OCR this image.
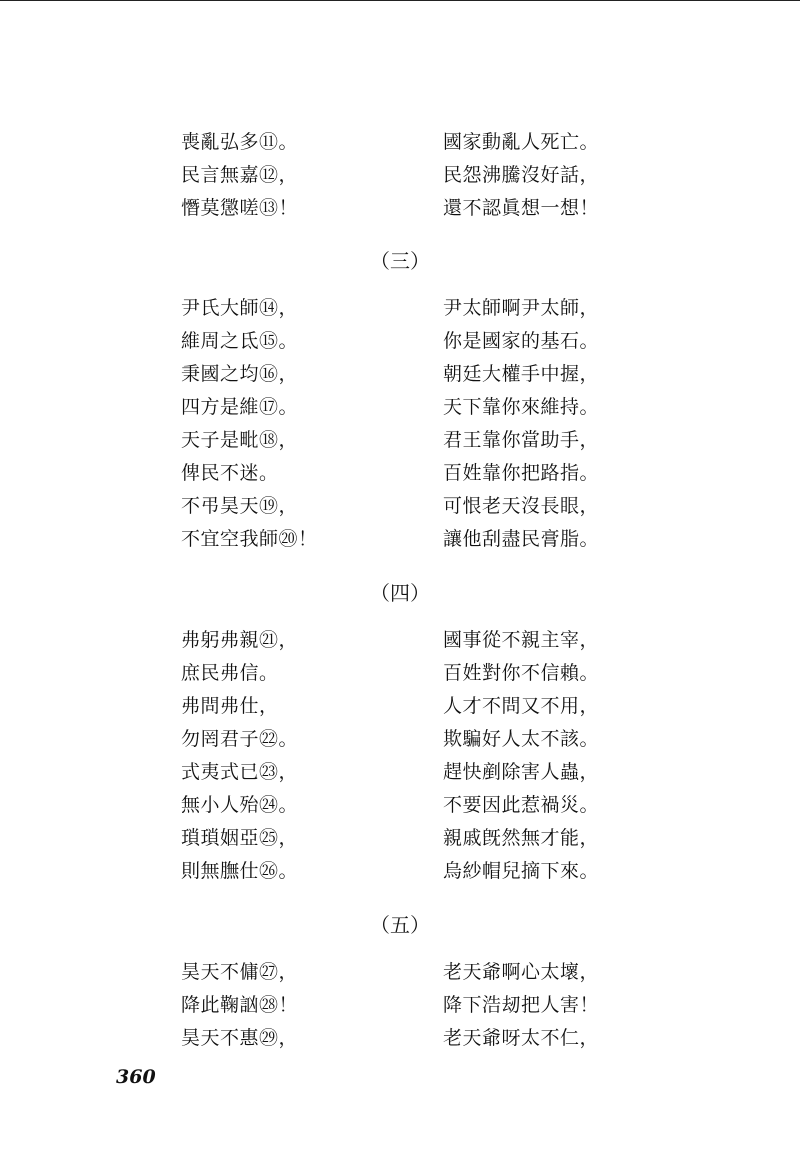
喪亂弘多⑪。	國家動亂人死亡。
民言無嘉⑫，	民怨沸騰沒好話，
憯莫懲嗟⑬！	還不認眞想一想！
（三）
尹氏大師⑭，	尹太師啊尹太師，
維周之氐⑮。	你是國家的基石。
秉國之均⑯，	朝廷大權手中握，
四方是維⑰。	天下靠你來維持。
天子是毗⑱，	君王靠你當助手，
俾民不迷。	百姓靠你把路指。
不弔昊天⑲，	可恨老天沒長眼，
不宜空我師⑳！	讓他刮盡民膏脂。
（四）
弗躬弗親㉑，	國事從不親主宰，
庶民弗信。	百姓對你不信賴。
弗問弗仕，	人才不問又不用，
勿罔君子㉒。	欺騙好人太不該。
式夷式已㉓，	趕快剷除害人蟲，
無小人殆㉔。	不要因此惹禍災。
瑣瑣姻亞㉕，	親戚旣然無才能，
則無膴仕㉖。	烏紗帽兒摘下來。
（五）
昊天不傭㉗，	老天爺啊心太壞，
降此鞠訩㉘！	降下浩刼把人害！
昊天不惠㉙，	老天爺呀太不仁，
360
